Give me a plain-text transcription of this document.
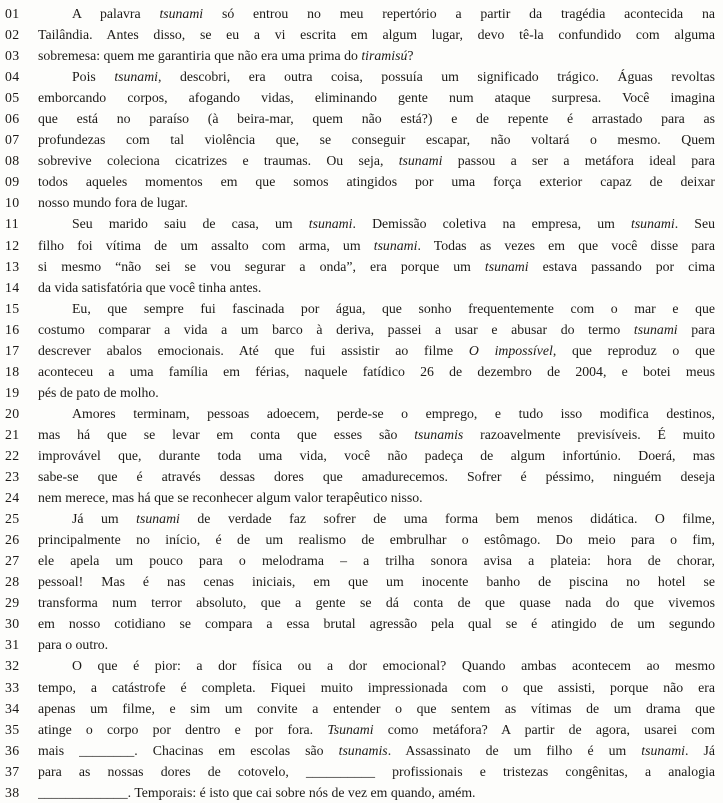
01	A palavra tsunami só entrou no meu repertório a partir da tragédia acontecida na
02	Tailândia. Antes disso, se eu a vi escrita em algum lugar, devo tê-la confundido com alguma
03	sobremesa: quem me garantiria que não era uma prima do tiramisú?
04	Pois tsunami, descobri, era outra coisa, possuía um significado trágico. Águas revoltas
05	emborcando corpos, afogando vidas, eliminando gente num ataque surpresa. Você imagina
06	que está no paraíso (à beira-mar, quem não está?) e de repente é arrastado para as
07	profundezas com tal violência que, se conseguir escapar, não voltará o mesmo. Quem
08	sobrevive coleciona cicatrizes e traumas. Ou seja, tsunami passou a ser a metáfora ideal para
09	todos aqueles momentos em que somos atingidos por uma força exterior capaz de deixar
10	nosso mundo fora de lugar.
11	Seu marido saiu de casa, um tsunami. Demissão coletiva na empresa, um tsunami. Seu
12	filho foi vítima de um assalto com arma, um tsunami. Todas as vezes em que você disse para
13	si mesmo “não sei se vou segurar a onda”, era porque um tsunami estava passando por cima
14	da vida satisfatória que você tinha antes.
15	Eu, que sempre fui fascinada por água, que sonho frequentemente com o mar e que
16	costumo comparar a vida a um barco à deriva, passei a usar e abusar do termo tsunami para
17	descrever abalos emocionais. Até que fui assistir ao filme O impossível, que reproduz o que
18	aconteceu a uma família em férias, naquele fatídico 26 de dezembro de 2004, e botei meus
19	pés de pato de molho.
20	Amores terminam, pessoas adoecem, perde-se o emprego, e tudo isso modifica destinos,
21	mas há que se levar em conta que esses são tsunamis razoavelmente previsíveis. É muito
22	improvável que, durante toda uma vida, você não padeça de algum infortúnio. Doerá, mas
23	sabe-se que é através dessas dores que amadurecemos. Sofrer é péssimo, ninguém deseja
24	nem merece, mas há que se reconhecer algum valor terapêutico nisso.
25	Já um tsunami de verdade faz sofrer de uma forma bem menos didática. O filme,
26	principalmente no início, é de um realismo de embrulhar o estômago. Do meio para o fim,
27	ele apela um pouco para o melodrama – a trilha sonora avisa a plateia: hora de chorar,
28	pessoal! Mas é nas cenas iniciais, em que um inocente banho de piscina no hotel se
29	transforma num terror absoluto, que a gente se dá conta de que quase nada do que vivemos
30	em nosso cotidiano se compara a essa brutal agressão pela qual se é atingido de um segundo
31	para o outro.
32	O que é pior: a dor física ou a dor emocional? Quando ambas acontecem ao mesmo
33	tempo, a catástrofe é completa. Fiquei muito impressionada com o que assisti, porque não era
34	apenas um filme, e sim um convite a entender o que sentem as vítimas de um drama que
35	atinge o corpo por dentro e por fora. Tsunami como metáfora? A partir de agora, usarei com
36	mais ________. Chacinas em escolas são tsunamis. Assassinato de um filho é um tsunami. Já
37	para as nossas dores de cotovelo, __________ profissionais e tristezas congênitas, a analogia
38	_____________. Temporais: é isto que cai sobre nós de vez em quando, amém.
